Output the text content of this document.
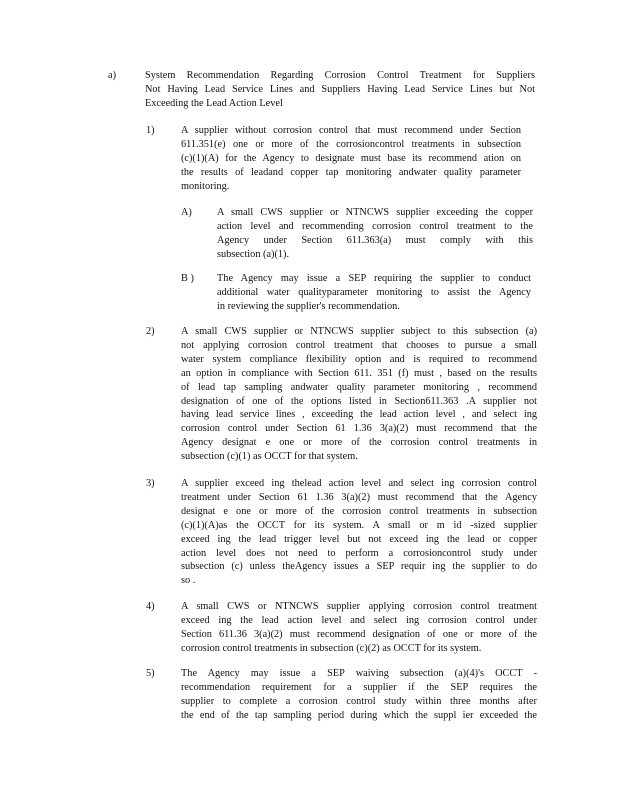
a)	System Recommendation Regarding Corrosion Control Treatment for Suppliers
Not Having Lead Service Lines and Suppliers Having Lead Service Lines but Not
Exceeding the Lead Action Level
1)	A supplier without corrosion control that must recommend under Section
611.351(e) one or more of the corrosioncontrol treatments in subsection
(c)(1)(A) for the Agency to designate must base its recommend ation on
the results of leadand copper tap monitoring andwater quality parameter
monitoring.
A) A small CWS supplier or NTNCWS supplier exceeding the copper
action level and recommending corrosion control treatment to the
Agency under Section 611.363(a) must comply with this
subsection (a)(1).
B ) The Agency may issue a SEP requiring the supplier to conduct
additional water qualityparameter monitoring to assist the Agency
in reviewing the supplier's recommendation.
2)	A small CWS supplier or NTNCWS supplier subject to this subsection (a)
not applying corrosion control treatment that chooses to pursue a small
water system compliance flexibility option and is required to recommend
an option in compliance with Section 611. 351 (f) must , based on the results
of lead tap sampling andwater quality parameter monitoring , recommend
designation of one of the options listed in Section611.363 .A supplier not
having lead service lines , exceeding the lead action level , and select ing
corrosion control under Section 61 1.36 3(a)(2) must recommend that the
Agency designat e one or more of the corrosion control treatments in
subsection (c)(1) as OCCT for that system.
3)	A supplier exceed ing thelead action level and select ing corrosion control
treatment under Section 61 1.36 3(a)(2) must recommend that the Agency
designat e one or more of the corrosion control treatments in subsection
(c)(1)(A)as the OCCT for its system. A small or m id -sized supplier
exceed ing the lead trigger level but not exceed ing the lead or copper
action level does not need to perform a corrosioncontrol study under
subsection (c) unless theAgency issues a SEP requir ing the supplier to do
so .
4)	A small CWS or NTNCWS supplier applying corrosion control treatment
exceed ing the lead action level and select ing corrosion control under
Section 611.36 3(a)(2) must recommend designation of one or more of the
corrosion control treatments in subsection (c)(2) as OCCT for its system.
5)	The Agency may issue a SEP waiving subsection (a)(4)'s OCCT -
recommendation requirement for a supplier if the SEP requires the
supplier to complete a corrosion control study within three months after
the end of the tap sampling period during which the suppl ier exceeded the
